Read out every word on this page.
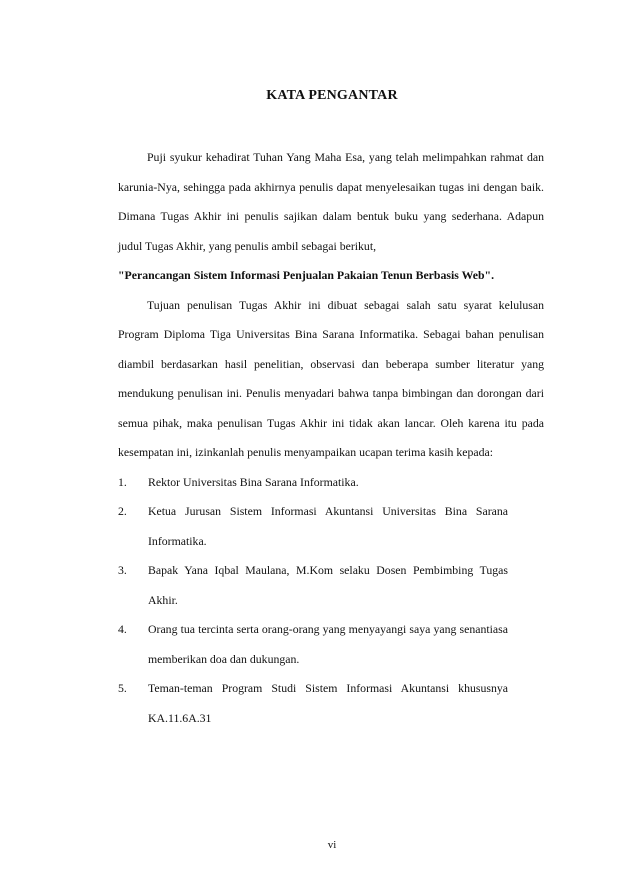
KATA PENGANTAR

Puji syukur kehadirat Tuhan Yang Maha Esa, yang telah melimpahkan rahmat dan karunia-Nya, sehingga pada akhirnya penulis dapat menyelesaikan tugas ini dengan baik. Dimana Tugas Akhir ini penulis sajikan dalam bentuk buku yang sederhana. Adapun judul Tugas Akhir, yang penulis ambil sebagai berikut,
"Perancangan Sistem Informasi Penjualan Pakaian Tenun Berbasis Web".

Tujuan penulisan Tugas Akhir ini dibuat sebagai salah satu syarat kelulusan Program Diploma Tiga Universitas Bina Sarana Informatika. Sebagai bahan penulisan diambil berdasarkan hasil penelitian, observasi dan beberapa sumber literatur yang mendukung penulisan ini. Penulis menyadari bahwa tanpa bimbingan dan dorongan dari semua pihak, maka penulisan Tugas Akhir ini tidak akan lancar. Oleh karena itu pada kesempatan ini, izinkanlah penulis menyampaikan ucapan terima kasih kepada:

1. Rektor Universitas Bina Sarana Informatika.
2. Ketua Jurusan Sistem Informasi Akuntansi Universitas Bina Sarana Informatika.
3. Bapak Yana Iqbal Maulana, M.Kom selaku Dosen Pembimbing Tugas Akhir.
4. Orang tua tercinta serta orang-orang yang menyayangi saya yang senantiasa memberikan doa dan dukungan.
5. Teman-teman Program Studi Sistem Informasi Akuntansi khususnya KA.11.6A.31
vi
